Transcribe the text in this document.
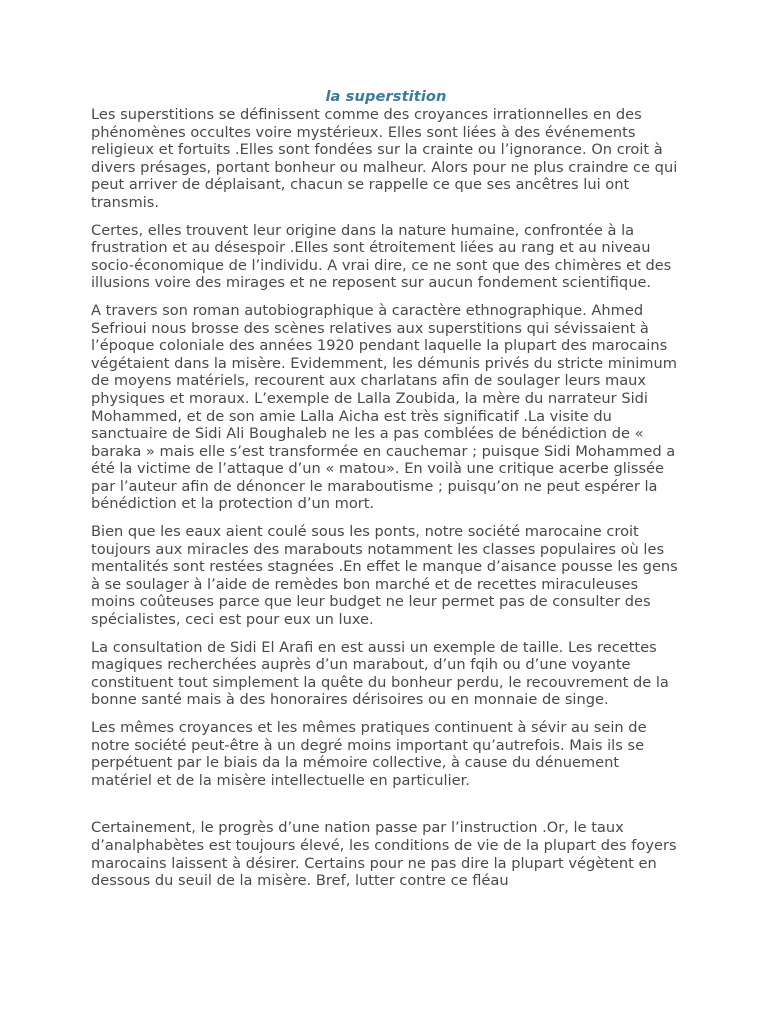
la superstition

Les superstitions se définissent comme des croyances irrationnelles en des phénomènes occultes voire mystérieux. Elles sont liées à des événements religieux et fortuits .Elles sont fondées sur la crainte ou l’ignorance. On croit à divers présages, portant bonheur ou malheur. Alors pour ne plus craindre ce qui peut arriver de déplaisant, chacun se rappelle ce que ses ancêtres lui ont transmis.

Certes, elles trouvent leur origine dans la nature humaine, confrontée à la frustration et au désespoir .Elles sont étroitement liées au rang et au niveau socio-économique de l’individu. A vrai dire, ce ne sont que des chimères et des illusions voire des mirages et ne reposent sur aucun fondement scientifique.

A travers son roman autobiographique à caractère ethnographique. Ahmed Sefrioui nous brosse des scènes relatives aux superstitions qui sévissaient à l’époque coloniale des années 1920 pendant laquelle la plupart des marocains végétaient dans la misère. Evidemment, les démunis privés du stricte minimum de moyens matériels, recourent aux charlatans afin de soulager leurs maux physiques et moraux. L’exemple de Lalla Zoubida, la mère du narrateur Sidi Mohammed, et de son amie Lalla Aicha est très significatif .La visite du sanctuaire de Sidi Ali Boughaleb ne les a pas comblées de bénédiction de « baraka » mais elle s’est transformée en cauchemar ; puisque Sidi Mohammed a été la victime de l’attaque d’un « matou». En voilà une critique acerbe glissée par l’auteur afin de dénoncer le maraboutisme ; puisqu’on ne peut espérer la bénédiction et la protection d’un mort.

Bien que les eaux aient coulé sous les ponts, notre société marocaine croit toujours aux miracles des marabouts notamment les classes populaires où les mentalités sont restées stagnées .En effet le manque d’aisance pousse les gens à se soulager à l’aide de remèdes bon marché et de recettes miraculeuses moins coûteuses parce que leur budget ne leur permet pas de consulter des spécialistes, ceci est pour eux un luxe.

La consultation de Sidi El Arafi en est aussi un exemple de taille. Les recettes magiques recherchées auprès d’un marabout, d’un fqih ou d’une voyante constituent tout simplement la quête du bonheur perdu, le recouvrement de la bonne santé mais à des honoraires dérisoires ou en monnaie de singe.

Les mêmes croyances et les mêmes pratiques continuent à sévir au sein de notre société peut-être à un degré moins important qu’autrefois. Mais ils se perpétuent par le biais da la mémoire collective, à cause du dénuement matériel et de la misère intellectuelle en particulier.

Certainement, le progrès d’une nation passe par l’instruction .Or, le taux d’analphabètes est toujours élevé, les conditions de vie de la plupart des foyers marocains laissent à désirer. Certains pour ne pas dire la plupart végètent en dessous du seuil de la misère. Bref, lutter contre ce fléau
